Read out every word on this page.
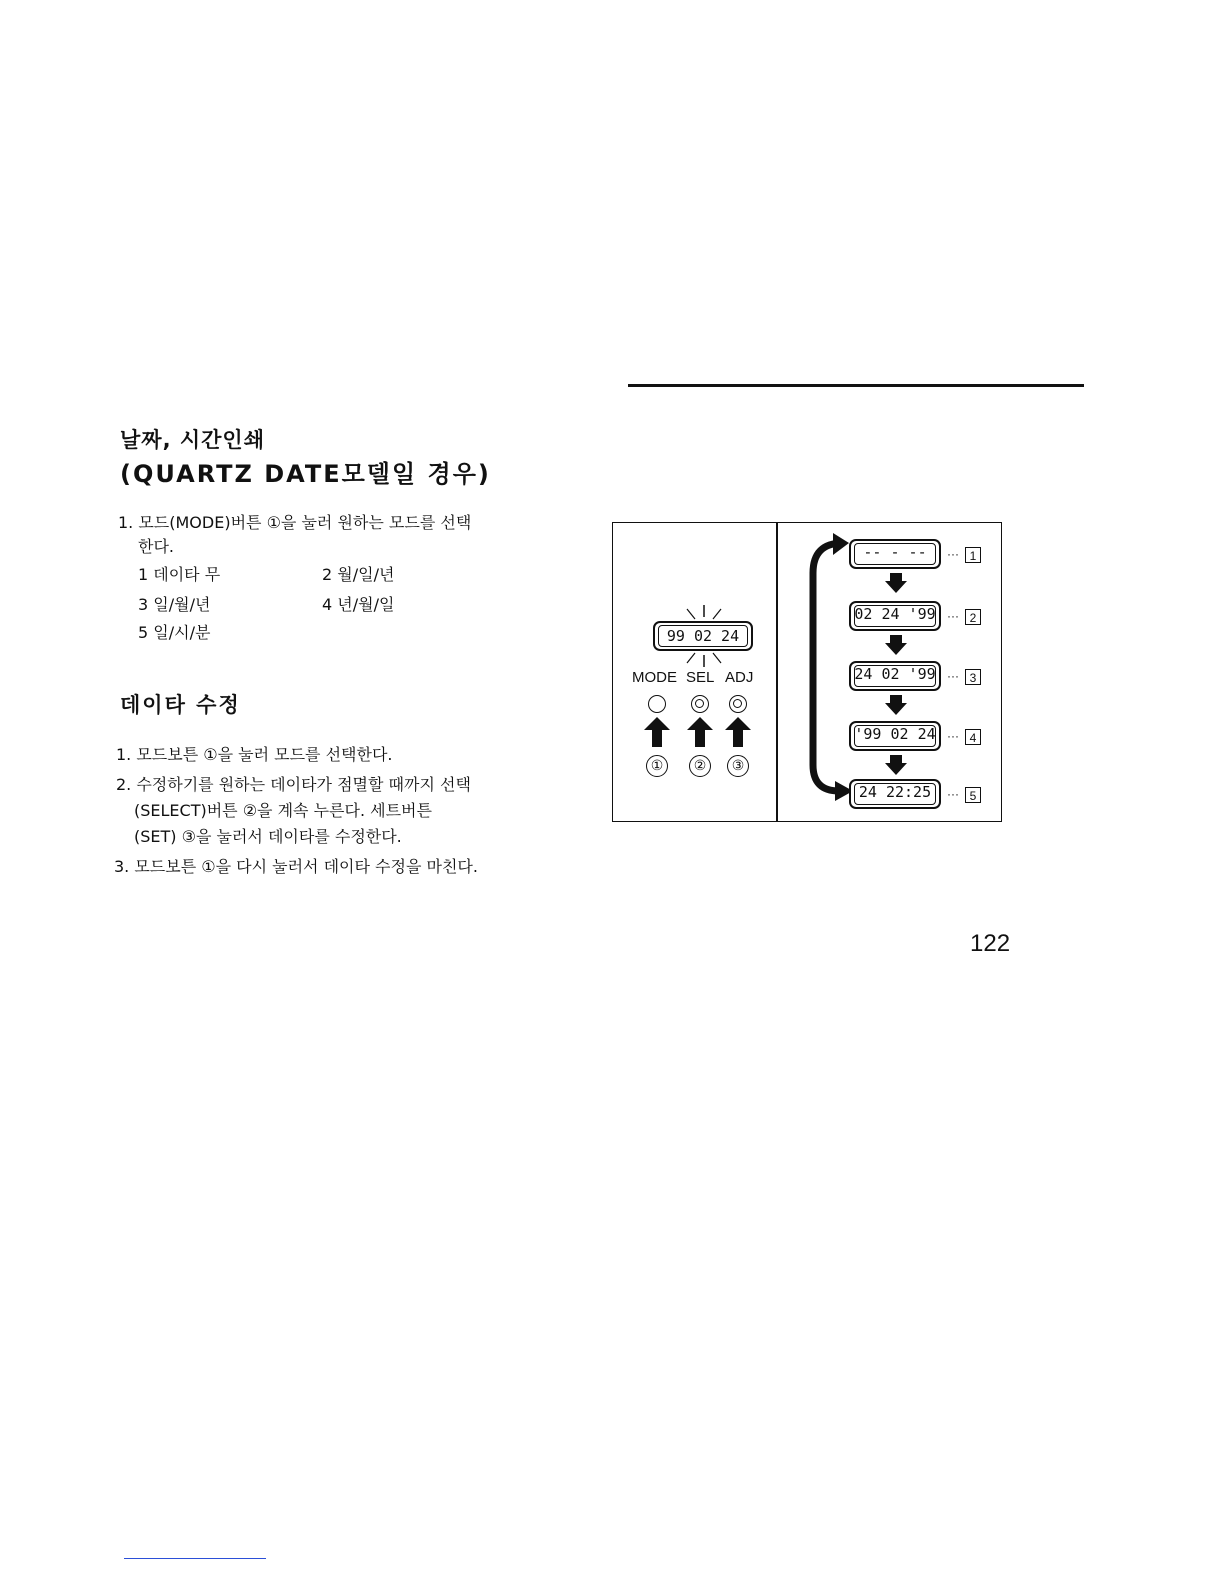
날짜, 시간인쇄
(QUARTZ DATE모델일 경우)
1. 모드(MODE)버튼 ①을 눌러 원하는 모드를 선택
한다.
1 데이타 무	2 월/일/년
3 일/월/년	4 년/월/일
5 일/시/분
데이타 수정
1. 모드보튼 ①을 눌러 모드를 선택한다.
2. 수정하기를 원하는 데이타가 점멸할 때까지 선택
(SELECT)버튼 ②을 계속 누른다. 세트버튼
(SET) ③을 눌러서 데이타를 수정한다.
3. 모드보튼 ①을 다시 눌러서 데이타 수정을 마친다.
99 02 24
MODE SEL ADJ
①	②	③
-- - --	··· 1
02 24 '99 ··· 2
24 02 '99 ··· 3
'99 02 24 ··· 4
24 22:25	··· 5
122
